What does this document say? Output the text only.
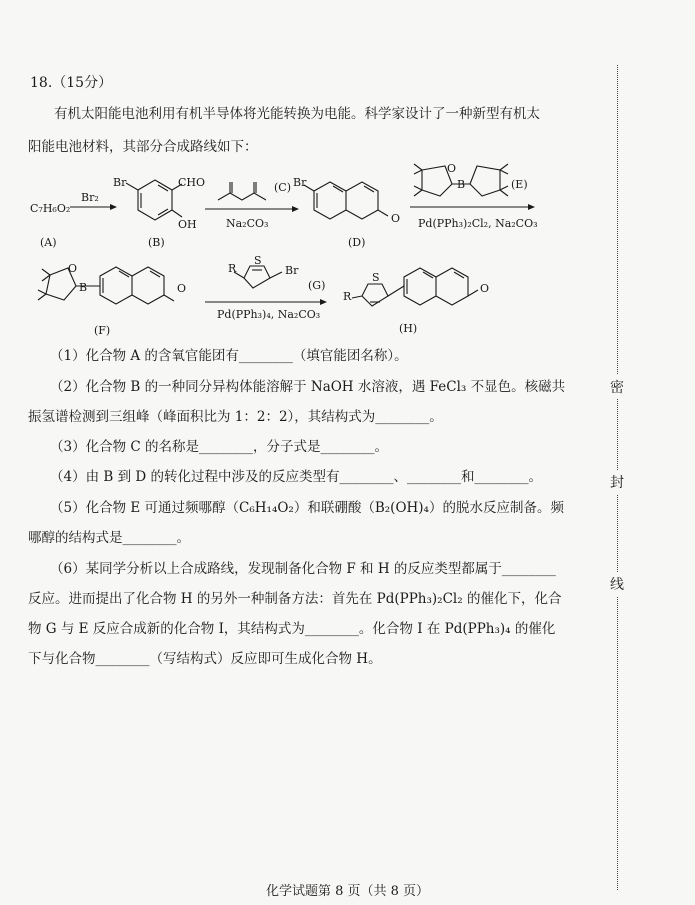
18.（15分）
有机太阳能电池利用有机半导体将光能转换为电能。科学家设计了一种新型有机太
阳能电池材料，其部分合成路线如下：
C₇H₆O₂
(A)
Br₂
Br	CHO
OH
(B)
(C)
Na₂CO₃
Br
O
(D)
(E)
B
O
Pd(PPh₃)₂Cl₂, Na₂CO₃
B
O
O
(F)
R
S
Br
(G)
Pd(PPh₃)₄, Na₂CO₃
R
S
O
(H)
（1）化合物 A 的含氧官能团有________（填官能团名称）。
（2）化合物 B 的一种同分异构体能溶解于 NaOH 水溶液，遇 FeCl₃ 不显色。核磁共
振氢谱检测到三组峰（峰面积比为 1：2：2），其结构式为________。
（3）化合物 C 的名称是________，分子式是________。
（4）由 B 到 D 的转化过程中涉及的反应类型有________、________和________。
（5）化合物 E 可通过频哪醇（C₆H₁₄O₂）和联硼酸（B₂(OH)₄）的脱水反应制备。频
哪醇的结构式是________。
（6）某同学分析以上合成路线，发现制备化合物 F 和 H 的反应类型都属于________
反应。进而提出了化合物 H 的另外一种制备方法：首先在 Pd(PPh₃)₂Cl₂ 的催化下，化合
物 G 与 E 反应合成新的化合物 I，其结构式为________。化合物 I 在 Pd(PPh₃)₄ 的催化
下与化合物________（写结构式）反应即可生成化合物 H。
密
封
线
化学试题第 8 页（共 8 页）
